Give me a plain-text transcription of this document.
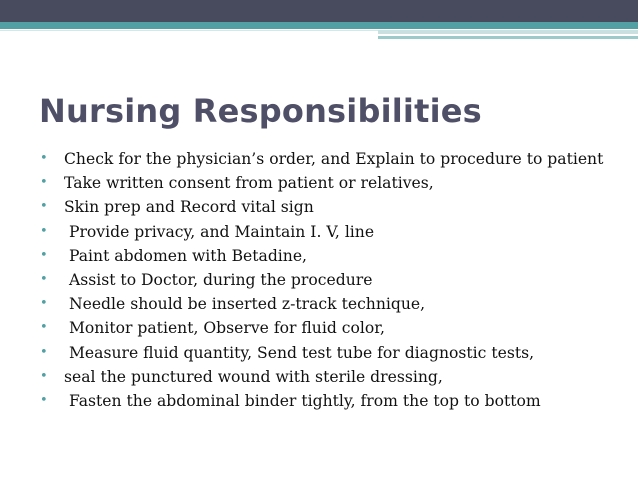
Nursing Responsibilities

•

Check for the physician’s order, and Explain to procedure to patient

•

Take written consent from patient or relatives,

•

Skin prep and Record vital sign

•

Provide privacy, and Maintain I. V, line

•

Paint abdomen with Betadine,

•

Assist to Doctor, during the procedure

•

Needle should be inserted z-track technique,

•

Monitor patient, Observe for fluid color,

•

Measure fluid quantity, Send test tube for diagnostic tests,

•

seal the punctured wound with sterile dressing,

•

Fasten the abdominal binder tightly, from the top to bottom
